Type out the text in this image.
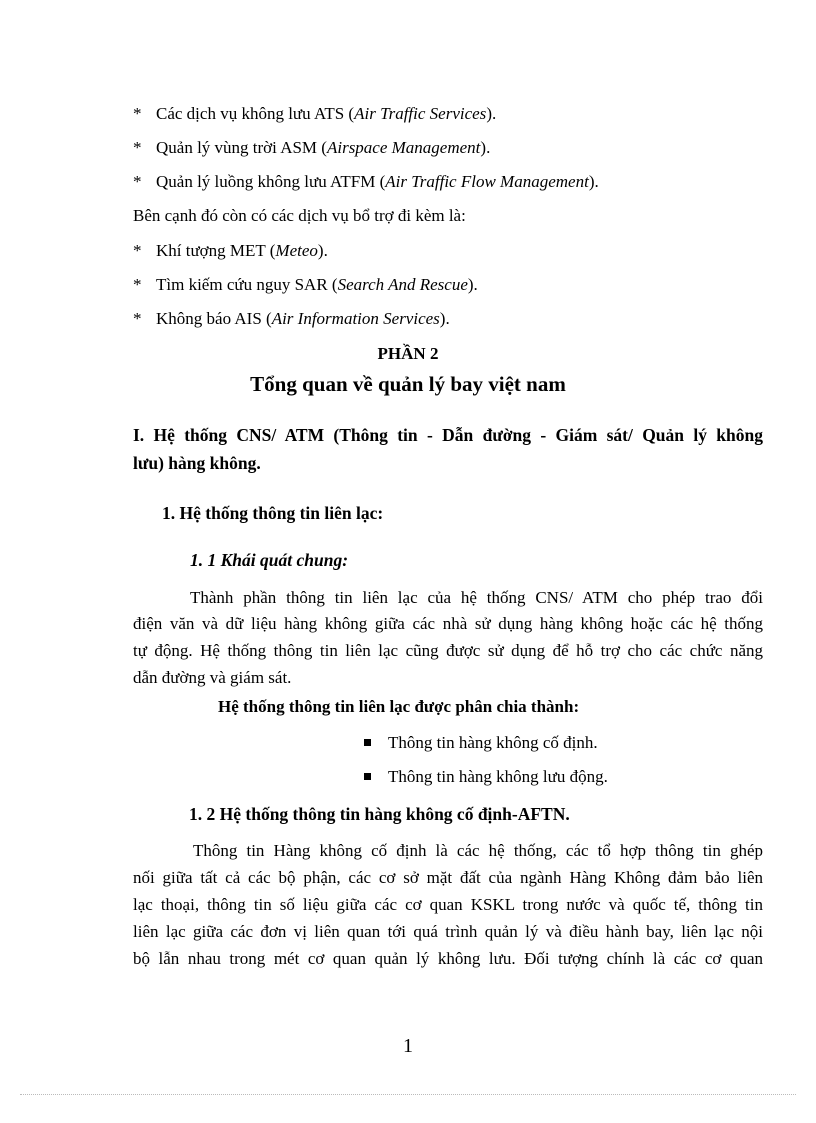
* Các dịch vụ không lưu ATS (Air Traffic Services).
* Quản lý vùng trời ASM (Airspace Management).
* Quản lý luồng không lưu ATFM (Air Traffic Flow Management).
Bên cạnh đó còn có các dịch vụ bổ trợ đi kèm là:
* Khí tượng MET (Meteo).
* Tìm kiếm cứu nguy SAR (Search And Rescue).
* Không báo AIS (Air Information Services).
PHẦN 2
Tổng quan về quản lý bay việt nam
I. Hệ thống CNS/ ATM (Thông tin - Dẫn đường - Giám sát/ Quản lý không
lưu) hàng không.
1. Hệ thống thông tin liên lạc:
1. 1 Khái quát chung:
Thành phần thông tin liên lạc của hệ thống CNS/ ATM cho phép trao đổi
điện văn và dữ liệu hàng không giữa các nhà sử dụng hàng không hoặc các hệ thống
tự động. Hệ thống thông tin liên lạc cũng được sử dụng để hỗ trợ cho các chức năng
dẫn đường và giám sát.
Hệ thống thông tin liên lạc được phân chia thành:
Thông tin hàng không cố định.
Thông tin hàng không lưu động.
1. 2 Hệ thống thông tin hàng không cố định-AFTN.
Thông tin Hàng không cố định là các hệ thống, các tổ hợp thông tin ghép
nối giữa tất cả các bộ phận, các cơ sở mặt đất của ngành Hàng Không đảm bảo liên
lạc thoại, thông tin số liệu giữa các cơ quan KSKL trong nước và quốc tế, thông tin
liên lạc giữa các đơn vị liên quan tới quá trình quản lý và điều hành bay, liên lạc nội
bộ lẫn nhau trong mét cơ quan quản lý không lưu. Đối tượng chính là các cơ quan
1
